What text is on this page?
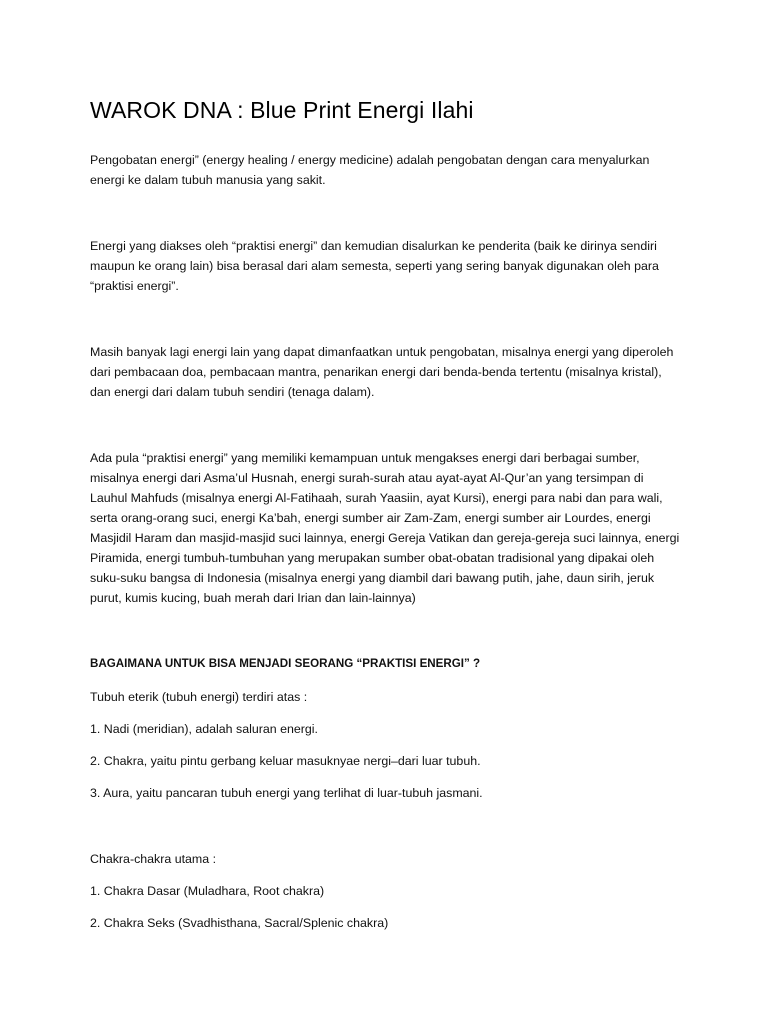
WAROK DNA : Blue Print Energi Ilahi

Pengobatan energi” (energy healing / energy medicine) adalah pengobatan dengan cara menyalurkan energi ke dalam tubuh manusia yang sakit.

Energi yang diakses oleh “praktisi energi” dan kemudian disalurkan ke penderita (baik ke dirinya sendiri maupun ke orang lain) bisa berasal dari alam semesta, seperti yang sering banyak digunakan oleh para “praktisi energi”.

Masih banyak lagi energi lain yang dapat dimanfaatkan untuk pengobatan, misalnya energi yang diperoleh dari pembacaan doa, pembacaan mantra, penarikan energi dari benda-benda tertentu (misalnya kristal), dan energi dari dalam tubuh sendiri (tenaga dalam).

Ada pula “praktisi energi” yang memiliki kemampuan untuk mengakses energi dari berbagai sumber, misalnya energi dari Asma’ul Husnah, energi surah-surah atau ayat-ayat Al-Qur’an yang tersimpan di Lauhul Mahfuds (misalnya energi Al-Fatihaah, surah Yaasiin, ayat Kursi), energi para nabi dan para wali, serta orang-orang suci, energi Ka’bah, energi sumber air Zam-Zam, energi sumber air Lourdes, energi Masjidil Haram dan masjid-masjid suci lainnya, energi Gereja Vatikan dan gereja-gereja suci lainnya, energi Piramida, energi tumbuh-tumbuhan yang merupakan sumber obat-obatan tradisional yang dipakai oleh suku-suku bangsa di Indonesia (misalnya energi yang diambil dari bawang putih, jahe, daun sirih, jeruk purut, kumis kucing, buah merah dari Irian dan lain-lainnya)

BAGAIMANA UNTUK BISA MENJADI SEORANG “PRAKTISI ENERGI” ?

Tubuh eterik (tubuh energi) terdiri atas :

1. Nadi (meridian), adalah saluran energi.

2. Chakra, yaitu pintu gerbang keluar masuknyae nergi–dari luar tubuh.

3. Aura, yaitu pancaran tubuh energi yang terlihat di luar-tubuh jasmani.

Chakra-chakra utama :

1. Chakra Dasar (Muladhara, Root chakra)

2. Chakra Seks (Svadhisthana, Sacral/Splenic chakra)
